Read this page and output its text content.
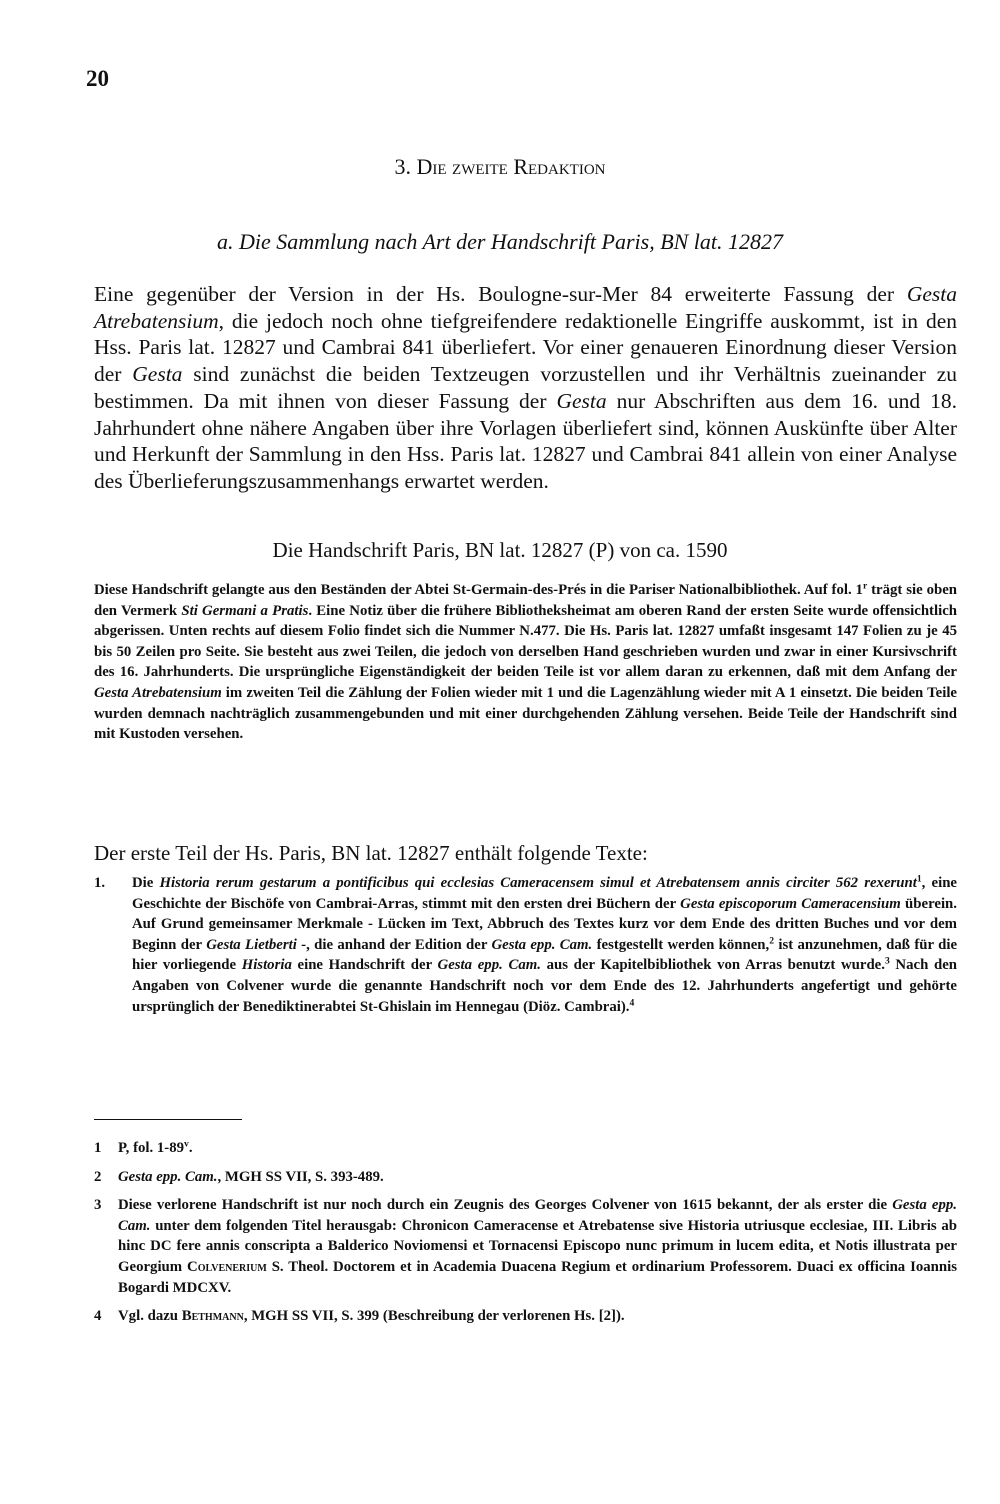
20
3. Die zweite Redaktion
a. Die Sammlung nach Art der Handschrift Paris, BN lat. 12827
Eine gegenüber der Version in der Hs. Boulogne-sur-Mer 84 erweiterte Fassung der Gesta Atrebatensium, die jedoch noch ohne tiefgreifendere redaktionelle Eingriffe auskommt, ist in den Hss. Paris lat. 12827 und Cambrai 841 überliefert. Vor einer genaueren Einordnung dieser Version der Gesta sind zunächst die beiden Textzeugen vorzustellen und ihr Verhältnis zueinander zu bestimmen. Da mit ihnen von dieser Fassung der Gesta nur Abschriften aus dem 16. und 18. Jahrhundert ohne nähere Angaben über ihre Vorlagen überliefert sind, können Auskünfte über Alter und Herkunft der Sammlung in den Hss. Paris lat. 12827 und Cambrai 841 allein von einer Analyse des Überlieferungszusammenhangs erwartet werden.
Die Handschrift Paris, BN lat. 12827 (P) von ca. 1590
Diese Handschrift gelangte aus den Beständen der Abtei St-Germain-des-Prés in die Pariser Nationalbibliothek. Auf fol. 1$^r$ trägt sie oben den Vermerk Sti Germani a Pratis. Eine Notiz über die frühere Bibliotheksheimat am oberen Rand der ersten Seite wurde offensichtlich abgerissen. Unten rechts auf diesem Folio findet sich die Nummer N.477. Die Hs. Paris lat. 12827 umfaßt insgesamt 147 Folien zu je 45 bis 50 Zeilen pro Seite. Sie besteht aus zwei Teilen, die jedoch von derselben Hand geschrieben wurden und zwar in einer Kursivschrift des 16. Jahrhunderts. Die ursprüngliche Eigenständigkeit der beiden Teile ist vor allem daran zu erkennen, daß mit dem Anfang der Gesta Atrebatensium im zweiten Teil die Zählung der Folien wieder mit 1 und die Lagenzählung wieder mit A 1 einsetzt. Die beiden Teile wurden demnach nachträglich zusammengebunden und mit einer durchgehenden Zählung versehen. Beide Teile der Handschrift sind mit Kustoden versehen.
Der erste Teil der Hs. Paris, BN lat. 12827 enthält folgende Texte:
1. Die Historia rerum gestarum a pontificibus qui ecclesias Cameracensem simul et Atrebatensem annis circiter 562 rexerunt$^1$, eine Geschichte der Bischöfe von Cambrai-Arras, stimmt mit den ersten drei Büchern der Gesta episcoporum Cameracensium überein. Auf Grund gemeinsamer Merkmale - Lücken im Text, Abbruch des Textes kurz vor dem Ende des dritten Buches und vor dem Beginn der Gesta Lietberti -, die anhand der Edition der Gesta epp. Cam. festgestellt werden können,$^2$ ist anzunehmen, daß für die hier vorliegende Historia eine Handschrift der Gesta epp. Cam. aus der Kapitelbibliothek von Arras benutzt wurde.$^3$ Nach den Angaben von Colvener wurde die genannte Handschrift noch vor dem Ende des 12. Jahrhunderts angefertigt und gehörte ursprünglich der Benediktinerabtei St-Ghislain im Hennegau (Diöz. Cambrai).$^4$
1 P, fol. 1-89$^v$.
2 Gesta epp. Cam., MGH SS VII, S. 393-489.
3 Diese verlorene Handschrift ist nur noch durch ein Zeugnis des Georges Colvener von 1615 bekannt, der als erster die Gesta epp. Cam. unter dem folgenden Titel herausgab: Chronicon Cameracense et Atrebatense sive Historia utriusque ecclesiae, III. Libris ab hinc DC fere annis conscripta a Balderico Noviomensi et Tornacensi Episcopo nunc primum in lucem edita, et Notis illustrata per Georgium Colvenerium S. Theol. Doctorem et in Academia Duacena Regium et ordinarium Professorem. Duaci ex officina Ioannis Bogardi MDCXV.
4 Vgl. dazu Bethmann, MGH SS VII, S. 399 (Beschreibung der verlorenen Hs. [2]).
